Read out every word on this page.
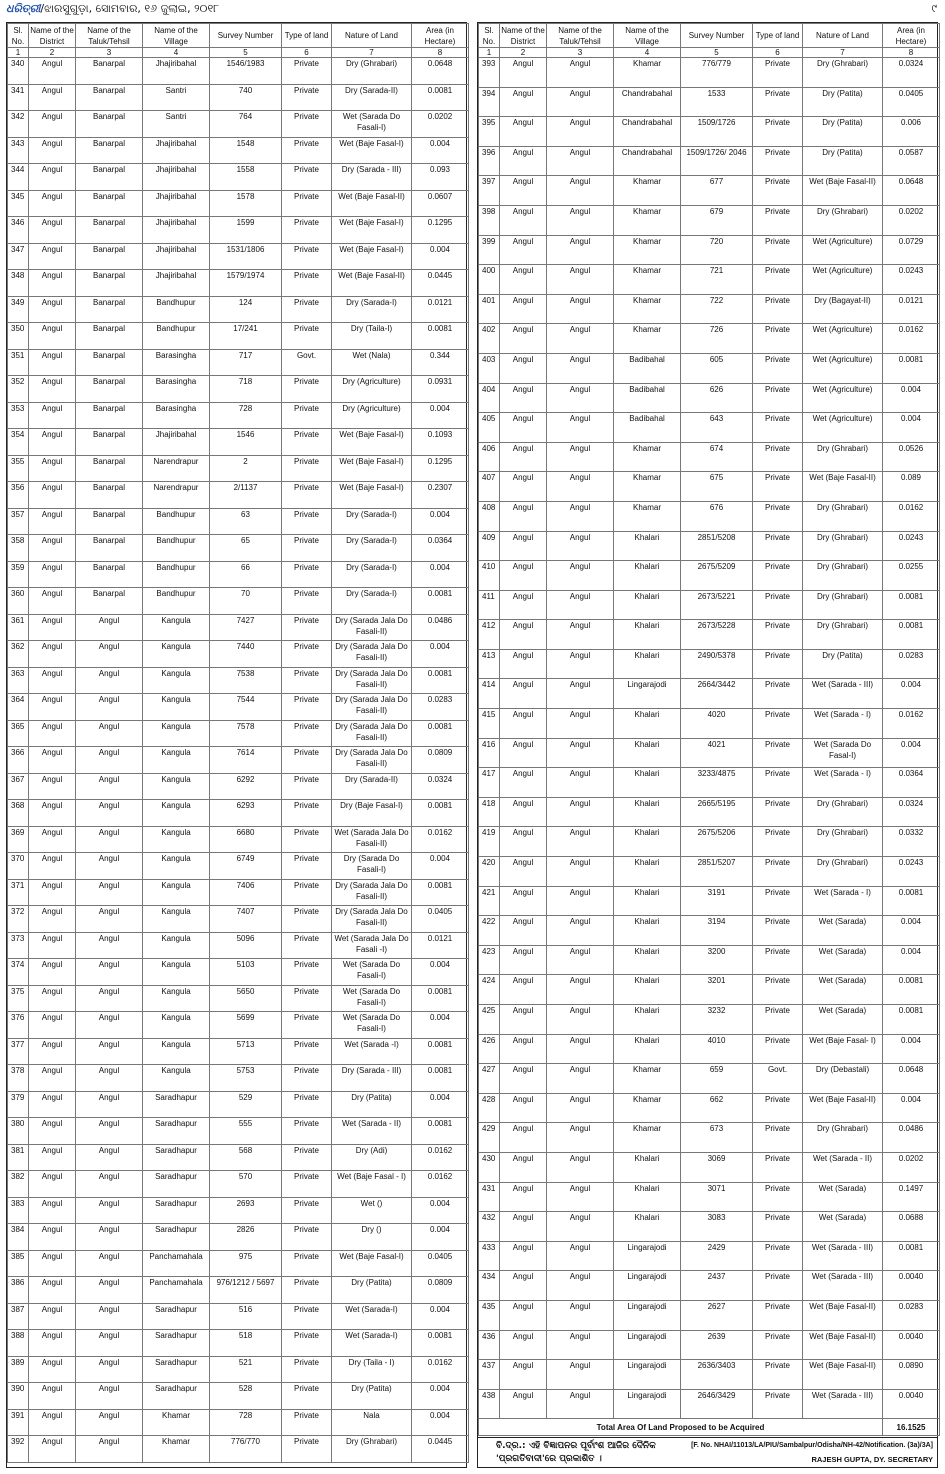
ଧରିତ୍ରୀ/ଝାରସୁଗୁଡ଼ା, ସୋମବାର, ୧୬ ଜୁଲାଇ, ୨୦୧୮	୯
Sl. No.	Name of the District	Name of the Taluk/Tehsil	Name of the Village	Survey Number	Type of land	Nature of Land	Area (in Hectare)
1	2	3	4	5	6	7	8
340	Angul	Banarpal	Jhajiribahal	1546/1983	Private	Dry (Ghrabari)	0.0648
341	Angul	Banarpal	Santri	740	Private	Dry (Sarada-II)	0.0081
342	Angul	Banarpal	Santri	764	Private	Wet (Sarada Do Fasali-I)	0.0202
343	Angul	Banarpal	Jhajiribahal	1548	Private	Wet (Baje Fasal-I)	0.004
344	Angul	Banarpal	Jhajiribahal	1558	Private	Dry (Sarada - III)	0.093
345	Angul	Banarpal	Jhajiribahal	1578	Private	Wet (Baje Fasal-II)	0.0607
346	Angul	Banarpal	Jhajiribahal	1599	Private	Wet (Baje Fasal-I)	0.1295
347	Angul	Banarpal	Jhajiribahal	1531/1806	Private	Wet (Baje Fasal-I)	0.004
348	Angul	Banarpal	Jhajiribahal	1579/1974	Private	Wet (Baje Fasal-II)	0.0445
349	Angul	Banarpal	Bandhupur	124	Private	Dry (Sarada-I)	0.0121
350	Angul	Banarpal	Bandhupur	17/241	Private	Dry (Taila-I)	0.0081
351	Angul	Banarpal	Barasingha	717	Govt.	Wet (Nala)	0.344
352	Angul	Banarpal	Barasingha	718	Private	Dry (Agriculture)	0.0931
353	Angul	Banarpal	Barasingha	728	Private	Dry (Agriculture)	0.004
354	Angul	Banarpal	Jhajiribahal	1546	Private	Wet (Baje Fasal-I)	0.1093
355	Angul	Banarpal	Narendrapur	2	Private	Wet (Baje Fasal-I)	0.1295
356	Angul	Banarpal	Narendrapur	2/1137	Private	Wet (Baje Fasal-I)	0.2307
357	Angul	Banarpal	Bandhupur	63	Private	Dry (Sarada-I)	0.004
358	Angul	Banarpal	Bandhupur	65	Private	Dry (Sarada-I)	0.0364
359	Angul	Banarpal	Bandhupur	66	Private	Dry (Sarada-I)	0.004
360	Angul	Banarpal	Bandhupur	70	Private	Dry (Sarada-I)	0.0081
361	Angul	Angul	Kangula	7427	Private	Dry (Sarada Jala Do Fasali-II)	0.0486
362	Angul	Angul	Kangula	7440	Private	Dry (Sarada Jala Do Fasali-II)	0.004
363	Angul	Angul	Kangula	7538	Private	Dry (Sarada Jala Do Fasali-II)	0.0081
364	Angul	Angul	Kangula	7544	Private	Dry (Sarada Jala Do Fasali-II)	0.0283
365	Angul	Angul	Kangula	7578	Private	Dry (Sarada Jala Do Fasali-II)	0.0081
366	Angul	Angul	Kangula	7614	Private	Dry (Sarada Jala Do Fasali-II)	0.0809
367	Angul	Angul	Kangula	6292	Private	Dry (Sarada-II)	0.0324
368	Angul	Angul	Kangula	6293	Private	Dry (Baje Fasal-I)	0.0081
369	Angul	Angul	Kangula	6680	Private	Wet (Sarada Jala Do Fasali-II)	0.0162
370	Angul	Angul	Kangula	6749	Private	Dry (Sarada Do Fasali-I)	0.004
371	Angul	Angul	Kangula	7406	Private	Dry (Sarada Jala Do Fasali-II)	0.0081
372	Angul	Angul	Kangula	7407	Private	Dry (Sarada Jala Do Fasali-II)	0.0405
373	Angul	Angul	Kangula	5096	Private	Wet (Sarada Jala Do Fasali -I)	0.0121
374	Angul	Angul	Kangula	5103	Private	Wet (Sarada Do Fasali-I)	0.004
375	Angul	Angul	Kangula	5650	Private	Wet (Sarada Do Fasali-I)	0.0081
376	Angul	Angul	Kangula	5699	Private	Wet (Sarada Do Fasali-I)	0.004
377	Angul	Angul	Kangula	5713	Private	Wet (Sarada -I)	0.0081
378	Angul	Angul	Kangula	5753	Private	Dry (Sarada - III)	0.0081
379	Angul	Angul	Saradhapur	529	Private	Dry (Patita)	0.004
380	Angul	Angul	Saradhapur	555	Private	Wet (Sarada - II)	0.0081
381	Angul	Angul	Saradhapur	568	Private	Dry (Adi)	0.0162
382	Angul	Angul	Saradhapur	570	Private	Wet (Baje Fasal - I)	0.0162
383	Angul	Angul	Saradhapur	2693	Private	Wet ()	0.004
384	Angul	Angul	Saradhapur	2826	Private	Dry ()	0.004
385	Angul	Angul	Panchamahala	975	Private	Wet (Baje Fasal-I)	0.0405
386	Angul	Angul	Panchamahala	976/1212 / 5697	Private	Dry (Patita)	0.0809
387	Angul	Angul	Saradhapur	516	Private	Wet (Sarada-I)	0.004
388	Angul	Angul	Saradhapur	518	Private	Wet (Sarada-I)	0.0081
389	Angul	Angul	Saradhapur	521	Private	Dry (Taila - I)	0.0162
390	Angul	Angul	Saradhapur	528	Private	Dry (Patita)	0.004
391	Angul	Angul	Khamar	728	Private	Nala	0.004
392	Angul	Angul	Khamar	776/770	Private	Dry (Ghrabari)	0.0445
Sl. No.	Name of the District	Name of the Taluk/Tehsil	Name of the Village	Survey Number	Type of land	Nature of Land	Area (in Hectare)
1	2	3	4	5	6	7	8
393	Angul	Angul	Khamar	776/779	Private	Dry (Ghrabari)	0.0324
394	Angul	Angul	Chandrabahal	1533	Private	Dry (Patita)	0.0405
395	Angul	Angul	Chandrabahal	1509/1726	Private	Dry (Patita)	0.006
396	Angul	Angul	Chandrabahal	1509/1726/ 2046	Private	Dry (Patita)	0.0587
397	Angul	Angul	Khamar	677	Private	Wet (Baje Fasal-II)	0.0648
398	Angul	Angul	Khamar	679	Private	Dry (Ghrabari)	0.0202
399	Angul	Angul	Khamar	720	Private	Wet (Agriculture)	0.0729
400	Angul	Angul	Khamar	721	Private	Wet (Agriculture)	0.0243
401	Angul	Angul	Khamar	722	Private	Dry (Bagayat-II)	0.0121
402	Angul	Angul	Khamar	726	Private	Wet (Agriculture)	0.0162
403	Angul	Angul	Badibahal	605	Private	Wet (Agriculture)	0.0081
404	Angul	Angul	Badibahal	626	Private	Wet (Agriculture)	0.004
405	Angul	Angul	Badibahal	643	Private	Wet (Agriculture)	0.004
406	Angul	Angul	Khamar	674	Private	Dry (Ghrabari)	0.0526
407	Angul	Angul	Khamar	675	Private	Wet (Baje Fasal-II)	0.089
408	Angul	Angul	Khamar	676	Private	Dry (Ghrabari)	0.0162
409	Angul	Angul	Khalari	2851/5208	Private	Dry (Ghrabari)	0.0243
410	Angul	Angul	Khalari	2675/5209	Private	Dry (Ghrabari)	0.0255
411	Angul	Angul	Khalari	2673/5221	Private	Dry (Ghrabari)	0.0081
412	Angul	Angul	Khalari	2673/5228	Private	Dry (Ghrabari)	0.0081
413	Angul	Angul	Khalari	2490/5378	Private	Dry (Patita)	0.0283
414	Angul	Angul	Lingarajodi	2664/3442	Private	Wet (Sarada - III)	0.004
415	Angul	Angul	Khalari	4020	Private	Wet (Sarada - I)	0.0162
416	Angul	Angul	Khalari	4021	Private	Wet (Sarada Do Fasal-I)	0.004
417	Angul	Angul	Khalari	3233/4875	Private	Wet (Sarada - I)	0.0364
418	Angul	Angul	Khalari	2665/5195	Private	Dry (Ghrabari)	0.0324
419	Angul	Angul	Khalari	2675/5206	Private	Dry (Ghrabari)	0.0332
420	Angul	Angul	Khalari	2851/5207	Private	Dry (Ghrabari)	0.0243
421	Angul	Angul	Khalari	3191	Private	Wet (Sarada - I)	0.0081
422	Angul	Angul	Khalari	3194	Private	Wet (Sarada)	0.004
423	Angul	Angul	Khalari	3200	Private	Wet (Sarada)	0.004
424	Angul	Angul	Khalari	3201	Private	Wet (Sarada)	0.0081
425	Angul	Angul	Khalari	3232	Private	Wet (Sarada)	0.0081
426	Angul	Angul	Khalari	4010	Private	Wet (Baje Fasal- I)	0.004
427	Angul	Angul	Khamar	659	Govt.	Dry (Debastali)	0.0648
428	Angul	Angul	Khamar	662	Private	Wet (Baje Fasal-II)	0.004
429	Angul	Angul	Khamar	673	Private	Dry (Ghrabari)	0.0486
430	Angul	Angul	Khalari	3069	Private	Wet (Sarada - II)	0.0202
431	Angul	Angul	Khalari	3071	Private	Wet (Sarada)	0.1497
432	Angul	Angul	Khalari	3083	Private	Wet (Sarada)	0.0688
433	Angul	Angul	Lingarajodi	2429	Private	Wet (Sarada - III)	0.0081
434	Angul	Angul	Lingarajodi	2437	Private	Wet (Sarada - III)	0.0040
435	Angul	Angul	Lingarajodi	2627	Private	Wet (Baje Fasal-II)	0.0283
436	Angul	Angul	Lingarajodi	2639	Private	Wet (Baje Fasal-II)	0.0040
437	Angul	Angul	Lingarajodi	2636/3403	Private	Wet (Baje Fasal-II)	0.0890
438	Angul	Angul	Lingarajodi	2646/3429	Private	Wet (Sarada - III)	0.0040
Total Area Of Land Proposed to be Acquired							16.1525
ବି.ଦ୍ର.: ଏହି ବିଜ୍ଞାପନର ପୂର୍ବାଂଶ ଆଜିର ଦୈନିକ 'ପ୍ରଗତିବାଦୀ'ରେ ପ୍ରକାଶିତ ।
[F. No. NHAI/11013/LA/PIU/Sambalpur/Odisha/NH-42/Notification. (3a)/3A]
RAJESH GUPTA, DY. SECRETARY
